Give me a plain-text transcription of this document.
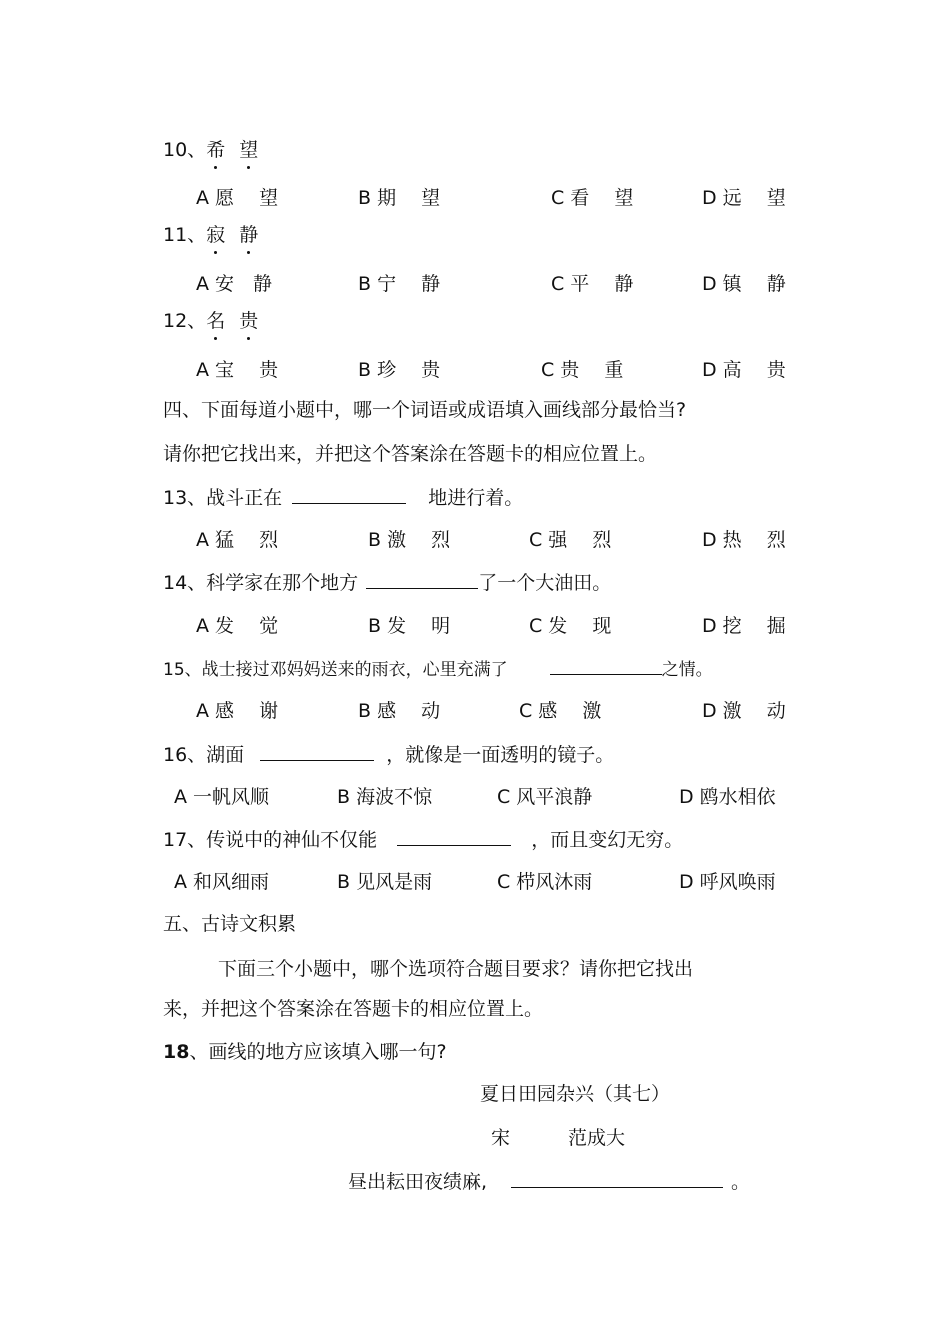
10、希 望
A 愿　 望	B 期　 望	C 看　 望	D 远　 望
11、寂 静
A 安　静	B 宁　 静	C 平　 静	D 镇　 静
12、名 贵
A 宝　 贵	B 珍　 贵	C 贵　 重	D 高　 贵
四、下面每道小题中，哪一个词语或成语填入画线部分最恰当?
请你把它找出来，并把这个答案涂在答题卡的相应位置上。
13、战斗正在	地进行着。
A 猛　 烈	B 激　 烈	C 强　 烈	D 热　 烈
14、科学家在那个地方	了一个大油田。
A 发　 觉	B 发　 明	C 发　 现	D 挖　 掘
15、战士接过邓妈妈送来的雨衣，心里充满了	之情。
A 感　 谢	B 感　 动	C 感　 激	D 激　 动
16、湖面	，就像是一面透明的镜子。
A 一帆风顺	B 海波不惊	C 风平浪静	D 鸥水相依
17、传说中的神仙不仅能	，而且变幻无穷。
A 和风细雨	B 见风是雨	C 栉风沐雨	D 呼风唤雨
五、古诗文积累
下面三个小题中，哪个选项符合题目要求？请你把它找出
来，并把这个答案涂在答题卡的相应位置上。
18、画线的地方应该填入哪一句?
夏日田园杂兴（其七）
宋	范成大
昼出耘田夜绩麻,	。
